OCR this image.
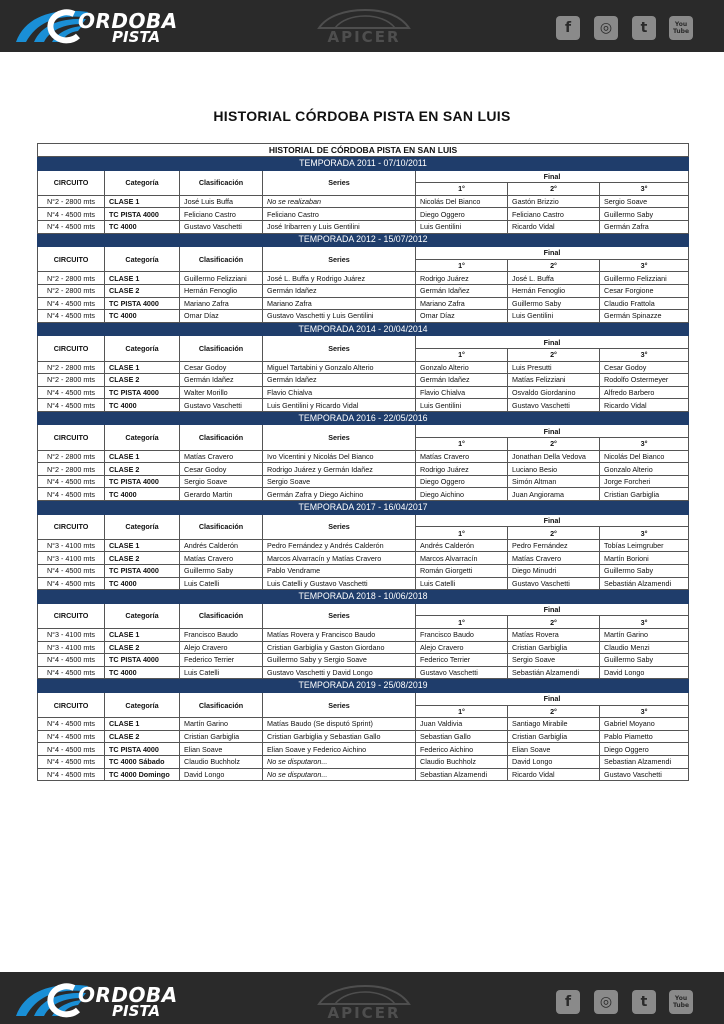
ORDOBA
PISTA	APICER	f	◎	t	You Tube
HISTORIAL CÓRDOBA PISTA EN SAN LUIS
HISTORIAL DE CÓRDOBA PISTA EN SAN LUIS						
TEMPORADA 2011 - 07/10/2011						
CIRCUITO	Categoría	Clasificación	Series	Final		
				1°	2°	3°
N°2 - 2800 mts	CLASE 1	José Luis Buffa	No se realizaban	Nicolás Del Bianco	Gastón Brizzio	Sergio Soave
N°4 - 4500 mts	TC PISTA 4000	Feliciano Castro	Feliciano Castro	Diego Oggero	Feliciano Castro	Guillermo Saby
N°4 - 4500 mts	TC 4000	Gustavo Vaschetti	José Iribarren y Luis Gentilini	Luis Gentilini	Ricardo Vidal	Germán Zafra
TEMPORADA 2012 - 15/07/2012						
CIRCUITO	Categoría	Clasificación	Series	Final		
				1°	2°	3°
N°2 - 2800 mts	CLASE 1	Guillermo Felizziani	José L. Buffa y Rodrigo Juárez	Rodrigo Juárez	José L. Buffa	Guillermo Felizziani
N°2 - 2800 mts	CLASE 2	Hernán Fenoglio	Germán Idañez	Germán Idañez	Hernán Fenoglio	Cesar Forgione
N°4 - 4500 mts	TC PISTA 4000	Mariano Zafra	Mariano Zafra	Mariano Zafra	Guillermo Saby	Claudio Frattola
N°4 - 4500 mts	TC 4000	Omar Díaz	Gustavo Vaschetti y Luis Gentilini	Omar Díaz	Luis Gentilini	Germán Spinazze
TEMPORADA 2014 - 20/04/2014						
CIRCUITO	Categoría	Clasificación	Series	Final		
				1°	2°	3°
N°2 - 2800 mts	CLASE 1	Cesar Godoy	Miguel Tartabini y Gonzalo Alterio	Gonzalo Alterio	Luis Presutti	Cesar Godoy
N°2 - 2800 mts	CLASE 2	Germán Idañez	Germán Idañez	Germán Idañez	Matías Felizziani	Rodolfo Ostermeyer
N°4 - 4500 mts	TC PISTA 4000	Walter Morillo	Flavio Chialva	Flavio Chialva	Osvaldo Giordanino	Alfredo Barbero
N°4 - 4500 mts	TC 4000	Gustavo Vaschetti	Luis Gentilini y Ricardo Vidal	Luis Gentilini	Gustavo Vaschetti	Ricardo Vidal
TEMPORADA 2016 - 22/05/2016						
CIRCUITO	Categoría	Clasificación	Series	Final		
				1°	2°	3°
N°2 - 2800 mts	CLASE 1	Matías Cravero	Ivo Vicentini y Nicolás Del Bianco	Matías Cravero	Jonathan Della Vedova	Nicolás Del Bianco
N°2 - 2800 mts	CLASE 2	Cesar Godoy	Rodrigo Juárez y Germán Idañez	Rodrigo Juárez	Luciano Besio	Gonzalo Alterio
N°4 - 4500 mts	TC PISTA 4000	Sergio Soave	Sergio Soave	Diego Oggero	Simón Altman	Jorge Forcheri
N°4 - 4500 mts	TC 4000	Gerardo Martin	Germán Zafra y Diego Aichino	Diego Aichino	Juan Angiorama	Cristian Garbiglia
TEMPORADA 2017 - 16/04/2017						
CIRCUITO	Categoría	Clasificación	Series	Final		
				1°	2°	3°
N°3 - 4100 mts	CLASE 1	Andrés Calderón	Pedro Fernández y Andrés Calderón	Andrés Calderón	Pedro Fernández	Tobías Leimgruber
N°3 - 4100 mts	CLASE 2	Matías Cravero	Marcos Alvarracín y Matías Cravero	Marcos Alvarracín	Matías Cravero	Martín Borioni
N°4 - 4500 mts	TC PISTA 4000	Guillermo Saby	Pablo Vendrame	Román Giorgetti	Diego Minudri	Guillermo Saby
N°4 - 4500 mts	TC 4000	Luis Catelli	Luis Catelli y Gustavo Vaschetti	Luis Catelli	Gustavo Vaschetti	Sebastián Alzamendi
TEMPORADA 2018 - 10/06/2018						
CIRCUITO	Categoría	Clasificación	Series	Final		
				1°	2°	3°
N°3 - 4100 mts	CLASE 1	Francisco Baudo	Matías Rovera y Francisco Baudo	Francisco Baudo	Matías Rovera	Martín Garino
N°3 - 4100 mts	CLASE 2	Alejo Cravero	Cristian Garbiglia y Gaston Giordano	Alejo Cravero	Cristian Garbiglia	Claudio Menzi
N°4 - 4500 mts	TC PISTA 4000	Federico Terrier	Guillermo Saby y Sergio Soave	Federico Terrier	Sergio Soave	Guillermo Saby
N°4 - 4500 mts	TC 4000	Luis Catelli	Gustavo Vaschetti y David Longo	Gustavo Vaschetti	Sebastián Alzamendi	David Longo
TEMPORADA 2019 - 25/08/2019						
CIRCUITO	Categoría	Clasificación	Series	Final		
				1°	2°	3°
N°4 - 4500 mts	CLASE 1	Martín Garino	Matías Baudo (Se disputó Sprint)	Juan Valdivia	Santiago Mirabile	Gabriel Moyano
N°4 - 4500 mts	CLASE 2	Cristian Garbiglia	Cristian Garbiglia y Sebastian Gallo	Sebastian Gallo	Cristian Garbiglia	Pablo Piametto
N°4 - 4500 mts	TC PISTA 4000	Elian Soave	Elian Soave y Federico Aichino	Federico Aichino	Elian Soave	Diego Oggero
N°4 - 4500 mts	TC 4000 Sábado	Claudio Buchholz	No se disputaron...	Claudio Buchholz	David Longo	Sebastian Alzamendi
N°4 - 4500 mts	TC 4000 Domingo	David Longo	No se disputaron...	Sebastian Alzamendi	Ricardo Vidal	Gustavo Vaschetti
ORDOBA
PISTA	APICER
f	◎	t	You Tube
